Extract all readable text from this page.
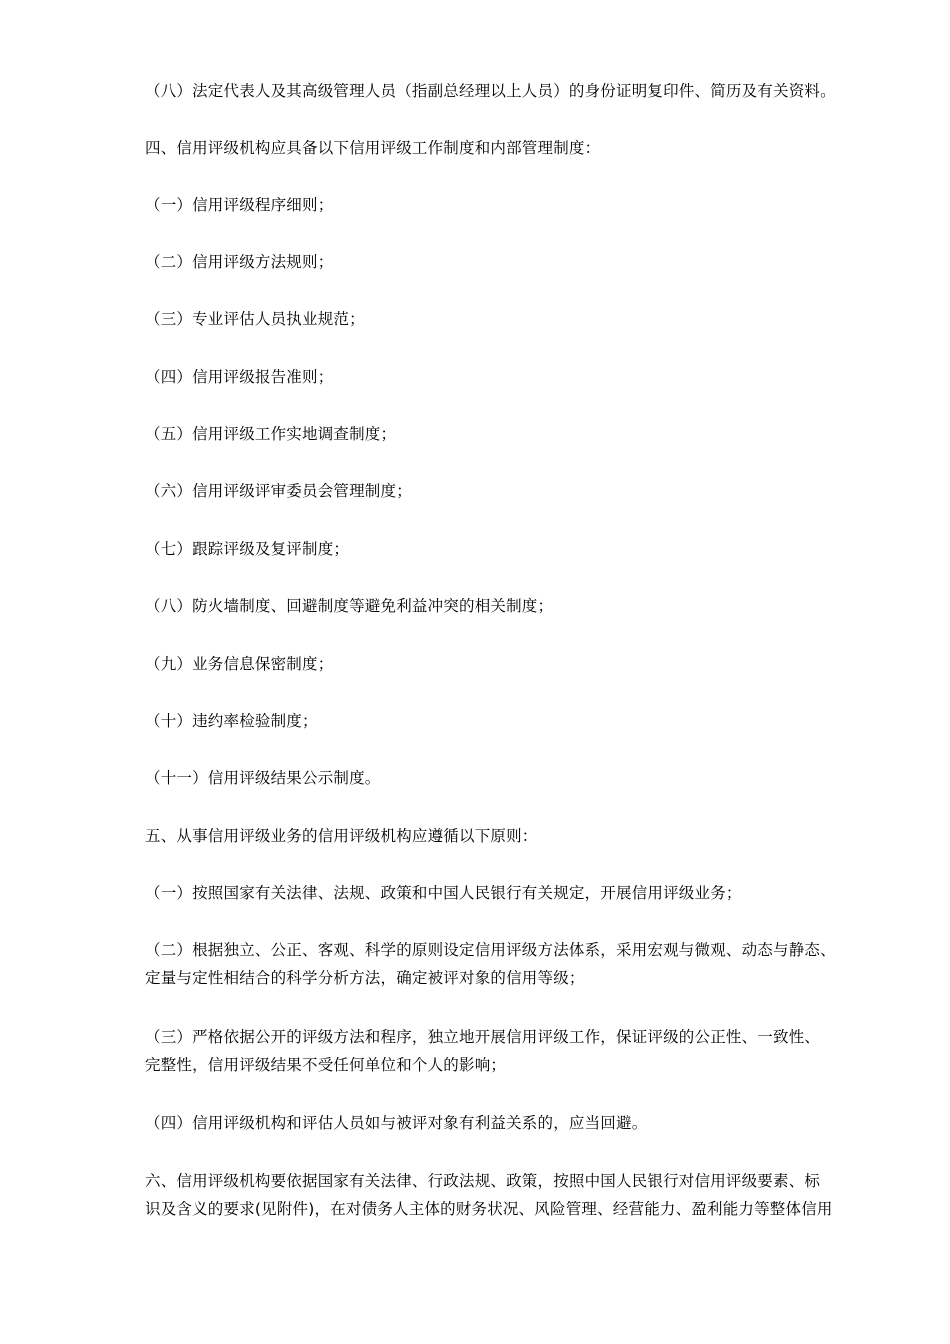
（八）法定代表人及其高级管理人员（指副总经理以上人员）的身份证明复印件、简历及有关资料。
四、信用评级机构应具备以下信用评级工作制度和内部管理制度：
（一）信用评级程序细则；
（二）信用评级方法规则；
（三）专业评估人员执业规范；
（四）信用评级报告准则；
（五）信用评级工作实地调查制度；
（六）信用评级评审委员会管理制度；
（七）跟踪评级及复评制度；
（八）防火墙制度、回避制度等避免利益冲突的相关制度；
（九）业务信息保密制度；
（十）违约率检验制度；
（十一）信用评级结果公示制度。
五、从事信用评级业务的信用评级机构应遵循以下原则：
（一）按照国家有关法律、法规、政策和中国人民银行有关规定，开展信用评级业务；
（二）根据独立、公正、客观、科学的原则设定信用评级方法体系，采用宏观与微观、动态与静态、
定量与定性相结合的科学分析方法，确定被评对象的信用等级；
（三）严格依据公开的评级方法和程序，独立地开展信用评级工作，保证评级的公正性、一致性、
完整性，信用评级结果不受任何单位和个人的影响；
（四）信用评级机构和评估人员如与被评对象有利益关系的，应当回避。
六、信用评级机构要依据国家有关法律、行政法规、政策，按照中国人民银行对信用评级要素、标
识及含义的要求(见附件)，在对债务人主体的财务状况、风险管理、经营能力、盈利能力等整体信用
